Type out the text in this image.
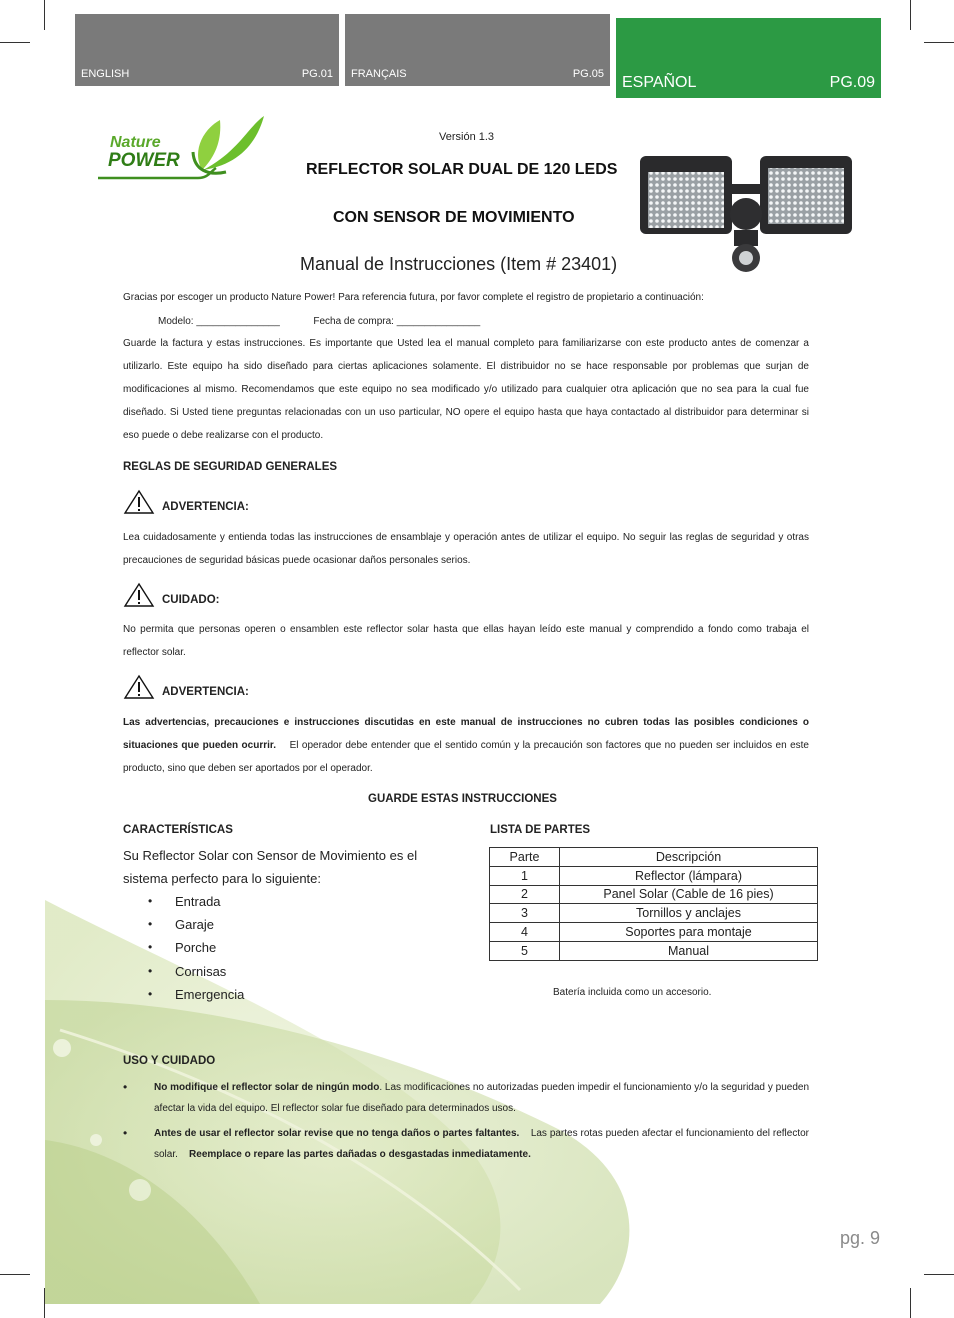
ENGLISH	PG.01 FRANÇAIS	PG.05 ESPAÑOL	PG.09
Nature
POWER
Versión 1.3
REFLECTOR SOLAR DUAL DE 120 LEDS
CON SENSOR DE MOVIMIENTO
Manual de Instrucciones (Item # 23401)
Gracias por escoger un producto Nature Power! Para referencia futura, por favor complete el registro de propietario a continuación:
Modelo: _______________	Fecha de compra: _______________
Guarde la factura y estas instrucciones. Es importante que Usted lea el manual completo para familiarizarse con este producto antes de comenzar a utilizarlo. Este equipo ha sido diseñado para ciertas aplicaciones solamente. El distribuidor no se hace responsable por problemas que surjan de modificaciones al mismo. Recomendamos que este equipo no sea modificado y/o utilizado para cualquier otra aplicación que no sea para la cual fue diseñado. Si Usted tiene preguntas relacionadas con un uso particular, NO opere el equipo hasta que haya contactado al distribuidor para determinar si eso puede o debe realizarse con el producto.
REGLAS DE SEGURIDAD GENERALES
ADVERTENCIA:
Lea cuidadosamente y entienda todas las instrucciones de ensamblaje y operación antes de utilizar el equipo. No seguir las reglas de seguridad y otras precauciones de seguridad básicas puede ocasionar daños personales serios.
CUIDADO:
No permita que personas operen o ensamblen este reflector solar hasta que ellas hayan leído este manual y comprendido a fondo como trabaja el reflector solar.
ADVERTENCIA:
Las advertencias, precauciones e instrucciones discutidas en este manual de instrucciones no cubren todas las posibles condiciones o situaciones que pueden ocurrir. El operador debe entender que el sentido común y la precaución son factores que no pueden ser incluidos en este producto, sino que deben ser aportados por el operador.
GUARDE ESTAS INSTRUCCIONES
CARACTERÍSTICAS
Su Reflector Solar con Sensor de Movimiento es el sistema perfecto para lo siguiente:
•	Entrada
•	Garaje
•	Porche
•	Cornisas
•	Emergencia
LISTA DE PARTES
Parte	Descripción
1	Reflector (lámpara)
2	Panel Solar (Cable de 16 pies)
3	Tornillos y anclajes
4	Soportes para montaje
5	Manual
Batería incluida como un accesorio.
USO Y CUIDADO
•	No modifique el reflector solar de ningún modo. Las modificaciones no autorizadas pueden impedir el funcionamiento y/o la seguridad y pueden afectar la vida del equipo. El reflector solar fue diseñado para determinados usos.
•	Antes de usar el reflector solar revise que no tenga daños o partes faltantes. Las partes rotas pueden afectar el funcionamiento del reflector solar. Reemplace o repare las partes dañadas o desgastadas inmediatamente.
pg. 9
